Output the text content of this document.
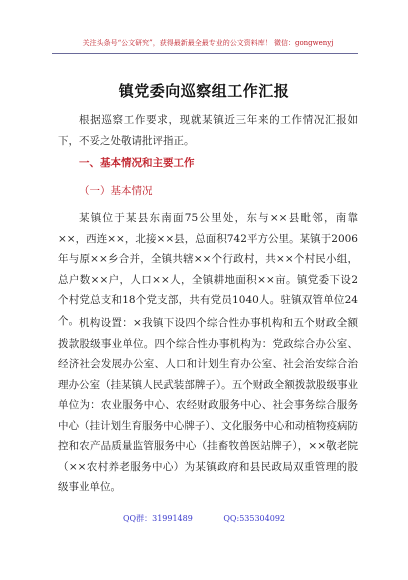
关注头条号“公文研究”，获得最新最全最专业的公文资料库！ 微信：gongwenyj
镇党委向巡察组工作汇报

根据巡察工作要求，现就某镇近三年来的工作情况汇报如下，不妥之处敬请批评指正。

一、基本情况和主要工作
（一）基本情况

某镇位于某县东南面75公里处，东与××县毗邻，南靠××，西连××，北接××县，总面积742平方公里。某镇于2006年与原××乡合并，全镇共辖××个行政村，共××个村民小组，总户数××户，人口××人，全镇耕地面积××亩。镇党委下设2个村党总支和18个党支部，共有党员1040人。驻镇双管单位24个。 机构设置：×我镇下设四个综合性办事机构和五个财政全额拨款股级事业单位。四个综合性办事机构为：党政综合办公室、经济社会发展办公室、人口和计划生育办公室、社会治安综合治理办公室（挂某镇人民武装部牌子）。五个财政全额拨款股级事业单位为：农业服务中心、农经财政服务中心、社会事务综合服务中心（挂计划生育服务中心牌子）、文化服务中心和动植物疫病防控和农产品质量监管服务中心（挂畜牧兽医站牌子），××敬老院（××农村养老服务中心）为某镇政府和县民政局双重管理的股级事业单位。

QQ群：31991489	QQ:535304092
